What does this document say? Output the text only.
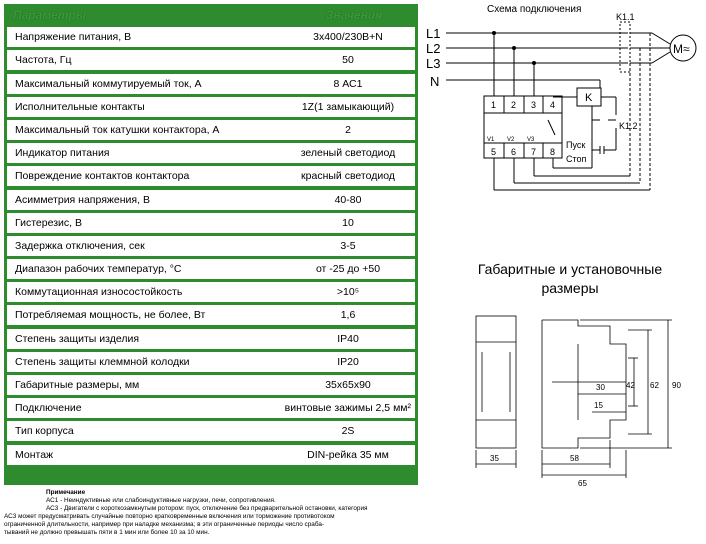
Параметры	Значения
Напряжение питания, В	3х400/230В+N
Частота, Гц	50
Максимальный коммутируемый ток, А	8 АС1
Исполнительные контакты	1Z(1 замыкающий)
Максимальный ток катушки контактора, А	2
Индикатор питания	зеленый светодиод
Повреждение контактов контактора	красный светодиод
Асимметрия напряжения, В	40-80
Гистерезис, В	10
Задержка отключения, сек	3-5
Диапазон рабочих температур, °С	от -25 до +50
Коммутационная износостойкость	>10⁵
Потребляемая мощность, не более, Вт	1,6
Степень защиты изделия	IP40
Степень защиты клеммной колодки	IP20
Габаритные размеры, мм	35х65х90
Подключение	винтовые зажимы 2,5 мм²
Тип корпуса	2S
Монтаж	DIN-рейка 35 мм
Примечание
АС1 - Неиндуктивные или слабоиндуктивные нагрузки, печи, сопротивления.
АС3 - Двигатели с короткозамкнутым ротором: пуск, отключение без предварительной остановки, категория
АС3 может предусматривать случайные повторно кратковременные включения или торможение противотоком
ограниченной длительности, например при наладке механизма; в эти ограниченные периоды число сраба-
тываний не должно превышать пяти в 1 мин или более 10 за 10 мин.
Схема подключения
L1
L2
L3
N
K1.1
M≈
K
K1.2
Пуск
Стоп
1 2 3 4
5 6 7 8
V1 V2 V3
Габаритные и установочные
размеры
35	58
65
90
62
42
30
15
